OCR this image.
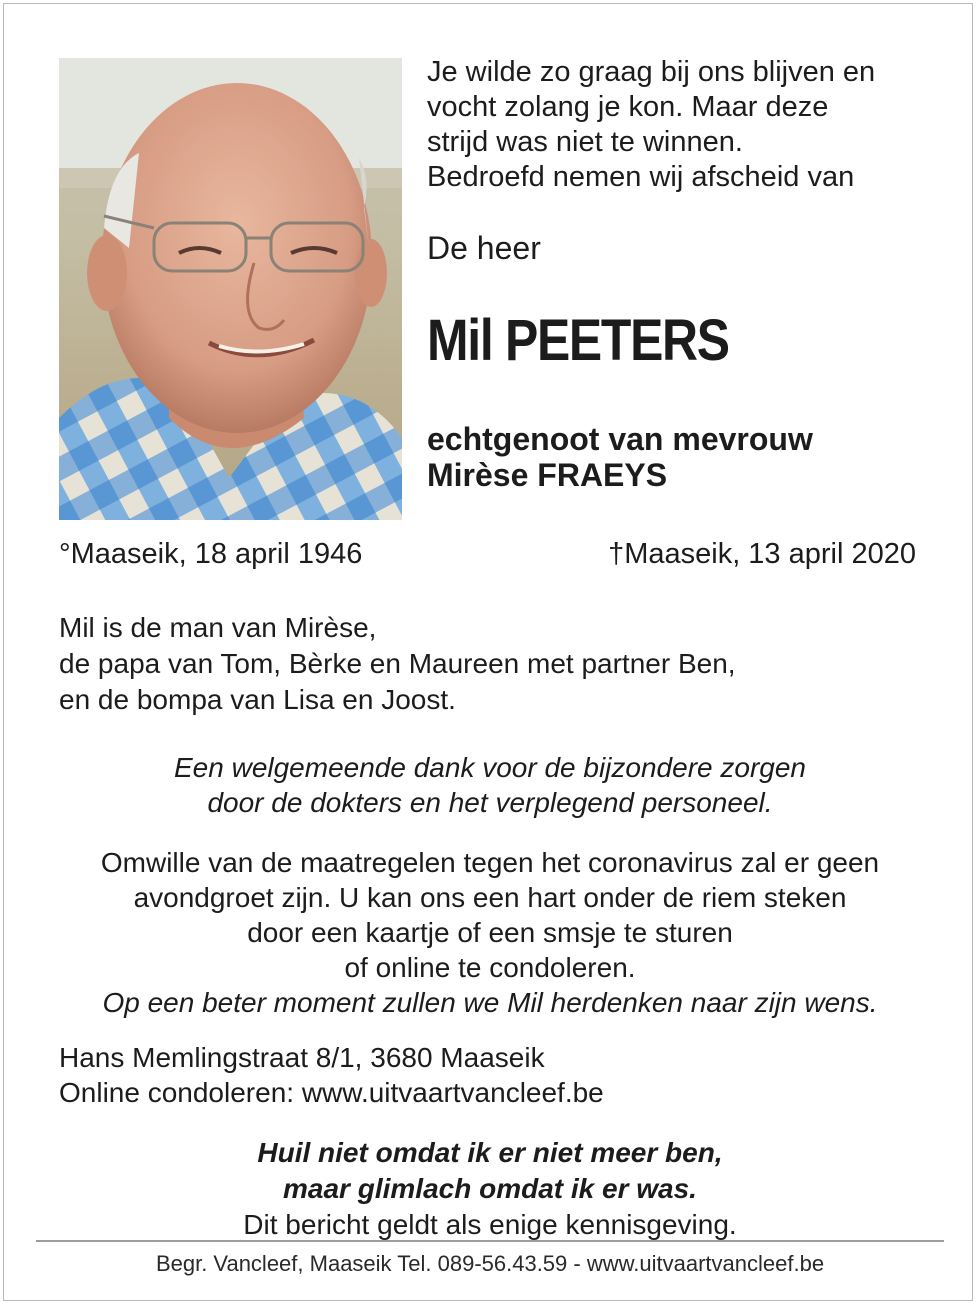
Je wilde zo graag bij ons blijven en
vocht zolang je kon. Maar deze
strijd was niet te winnen.
Bedroefd nemen wij afscheid van
De heer
Mil PEETERS
echtgenoot van mevrouw
Mirèse FRAEYS
°Maaseik, 18 april 1946	†Maaseik, 13 april 2020
Mil is de man van Mirèse,
de papa van Tom, Bèrke en Maureen met partner Ben,
en de bompa van Lisa en Joost.
Een welgemeende dank voor de bijzondere zorgen
door de dokters en het verplegend personeel.
Omwille van de maatregelen tegen het coronavirus zal er geen
avondgroet zijn. U kan ons een hart onder de riem steken
door een kaartje of een smsje te sturen
of online te condoleren.
Op een beter moment zullen we Mil herdenken naar zijn wens.
Hans Memlingstraat 8/1, 3680 Maaseik
Online condoleren: www.uitvaartvancleef.be
Huil niet omdat ik er niet meer ben,
maar glimlach omdat ik er was.
Dit bericht geldt als enige kennisgeving.
Begr. Vancleef, Maaseik Tel. 089-56.43.59 - www.uitvaartvancleef.be
